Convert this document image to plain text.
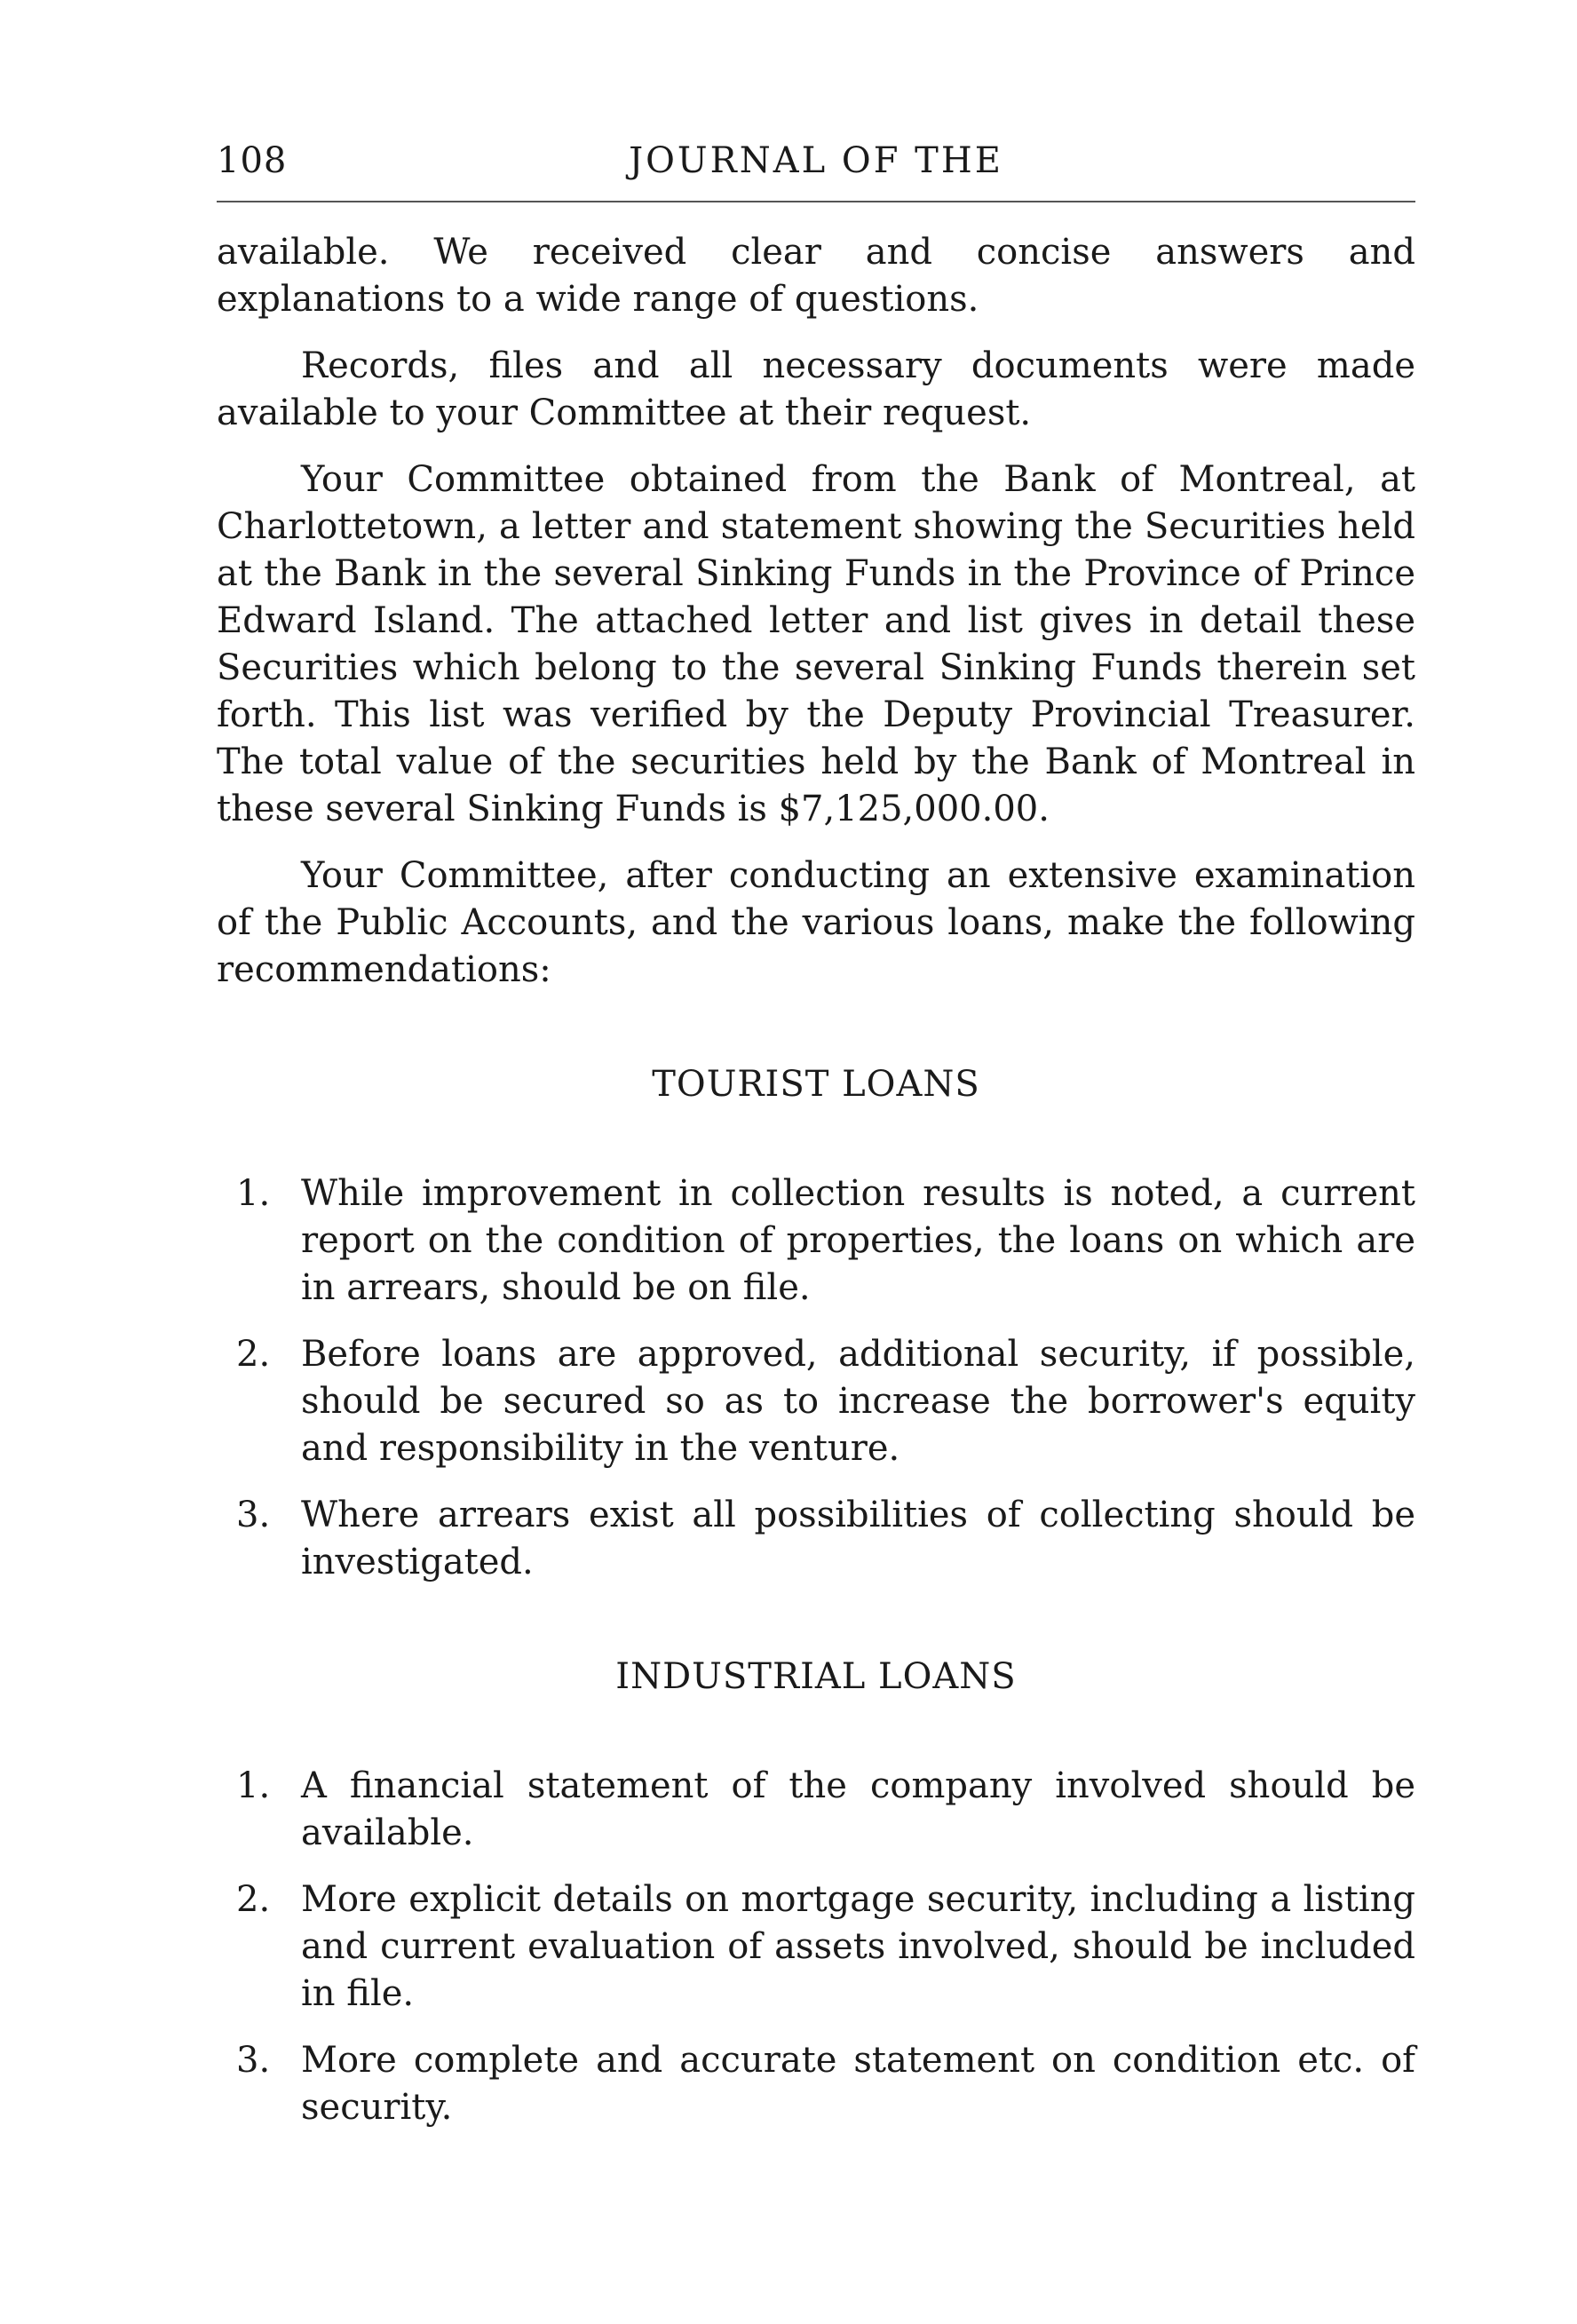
108	JOURNAL OF THE

available. We received clear and concise answers and explanations to a wide range of questions.

Records, files and all necessary documents were made available to your Committee at their request.

Your Committee obtained from the Bank of Montreal, at Charlottetown, a letter and statement showing the Securities held at the Bank in the several Sinking Funds in the Province of Prince Edward Island. The attached letter and list gives in detail these Securities which belong to the several Sinking Funds therein set forth. This list was verified by the Deputy Provincial Treasurer. The total value of the securities held by the Bank of Montreal in these several Sinking Funds is $7,125,000.00.

Your Committee, after conducting an extensive examination of the Public Accounts, and the various loans, make the following recommendations:

TOURIST LOANS
1. While improvement in collection results is noted, a current report on the condition of properties, the loans on which are in arrears, should be on file.
2. Before loans are approved, additional security, if possible, should be secured so as to increase the borrower's equity and responsibility in the venture.
3. Where arrears exist all possibilities of collecting should be investigated.
INDUSTRIAL LOANS
1. A financial statement of the company involved should be available.
2. More explicit details on mortgage security, including a listing and current evaluation of assets involved, should be included in file.
3. More complete and accurate statement on condition etc. of security.
